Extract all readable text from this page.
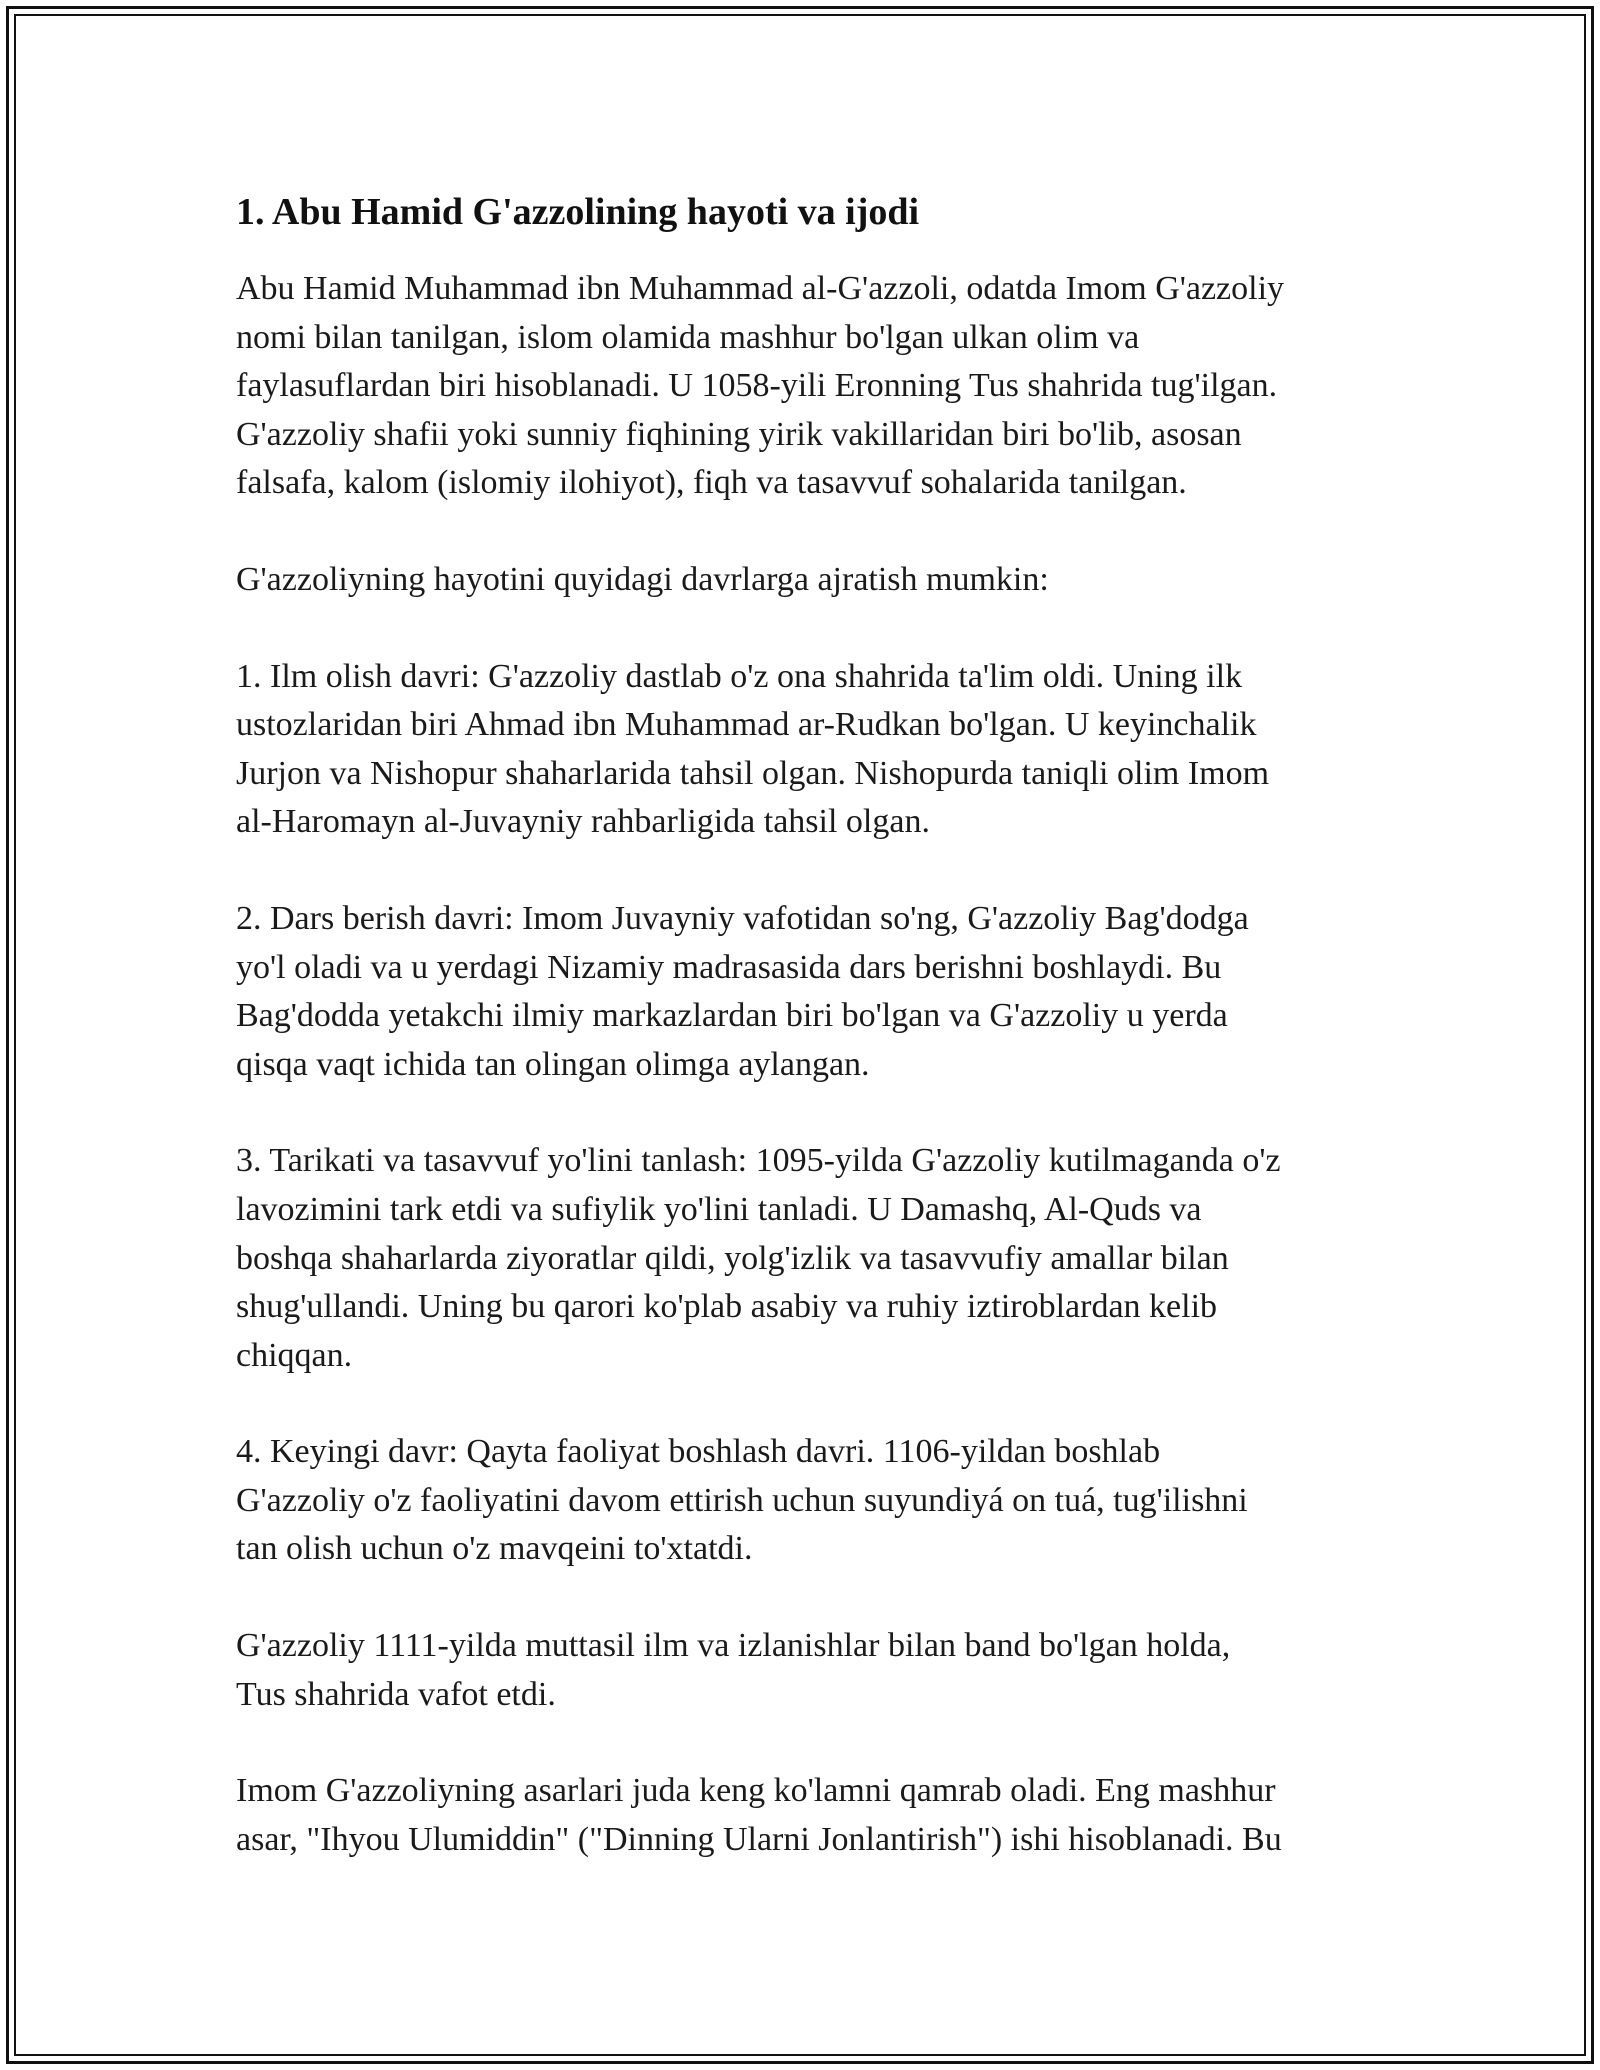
1. Abu Hamid G'azzolining hayoti va ijodi

Abu Hamid Muhammad ibn Muhammad al-G'azzoli, odatda Imom G'azzoliy
nomi bilan tanilgan, islom olamida mashhur bo'lgan ulkan olim va
faylasuflardan biri hisoblanadi. U 1058-yili Eronning Tus shahrida tug'ilgan.
G'azzoliy shafii yoki sunniy fiqhining yirik vakillaridan biri bo'lib, asosan
falsafa, kalom (islomiy ilohiyot), fiqh va tasavvuf sohalarida tanilgan.

G'azzoliyning hayotini quyidagi davrlarga ajratish mumkin:

1. Ilm olish davri: G'azzoliy dastlab o'z ona shahrida ta'lim oldi. Uning ilk
ustozlaridan biri Ahmad ibn Muhammad ar-Rudkan bo'lgan. U keyinchalik
Jurjon va Nishopur shaharlarida tahsil olgan. Nishopurda taniqli olim Imom
al-Haromayn al-Juvayniy rahbarligida tahsil olgan.

2. Dars berish davri: Imom Juvayniy vafotidan so'ng, G'azzoliy Bag'dodga
yo'l oladi va u yerdagi Nizamiy madrasasida dars berishni boshlaydi. Bu
Bag'dodda yetakchi ilmiy markazlardan biri bo'lgan va G'azzoliy u yerda
qisqa vaqt ichida tan olingan olimga aylangan.

3. Tarikati va tasavvuf yo'lini tanlash: 1095-yilda G'azzoliy kutilmaganda o'z
lavozimini tark etdi va sufiylik yo'lini tanladi. U Damashq, Al-Quds va
boshqa shaharlarda ziyoratlar qildi, yolg'izlik va tasavvufiy amallar bilan
shug'ullandi. Uning bu qarori ko'plab asabiy va ruhiy iztiroblardan kelib
chiqqan.

4. Keyingi davr: Qayta faoliyat boshlash davri. 1106-yildan boshlab
G'azzoliy o'z faoliyatini davom ettirish uchun suyundiyá on tuá, tug'ilishni
tan olish uchun o'z mavqeini to'xtatdi.

G'azzoliy 1111-yilda muttasil ilm va izlanishlar bilan band bo'lgan holda,
Tus shahrida vafot etdi.

Imom G'azzoliyning asarlari juda keng ko'lamni qamrab oladi. Eng mashhur
asar, "Ihyou Ulumiddin" ("Dinning Ularni Jonlantirish") ishi hisoblanadi. Bu
